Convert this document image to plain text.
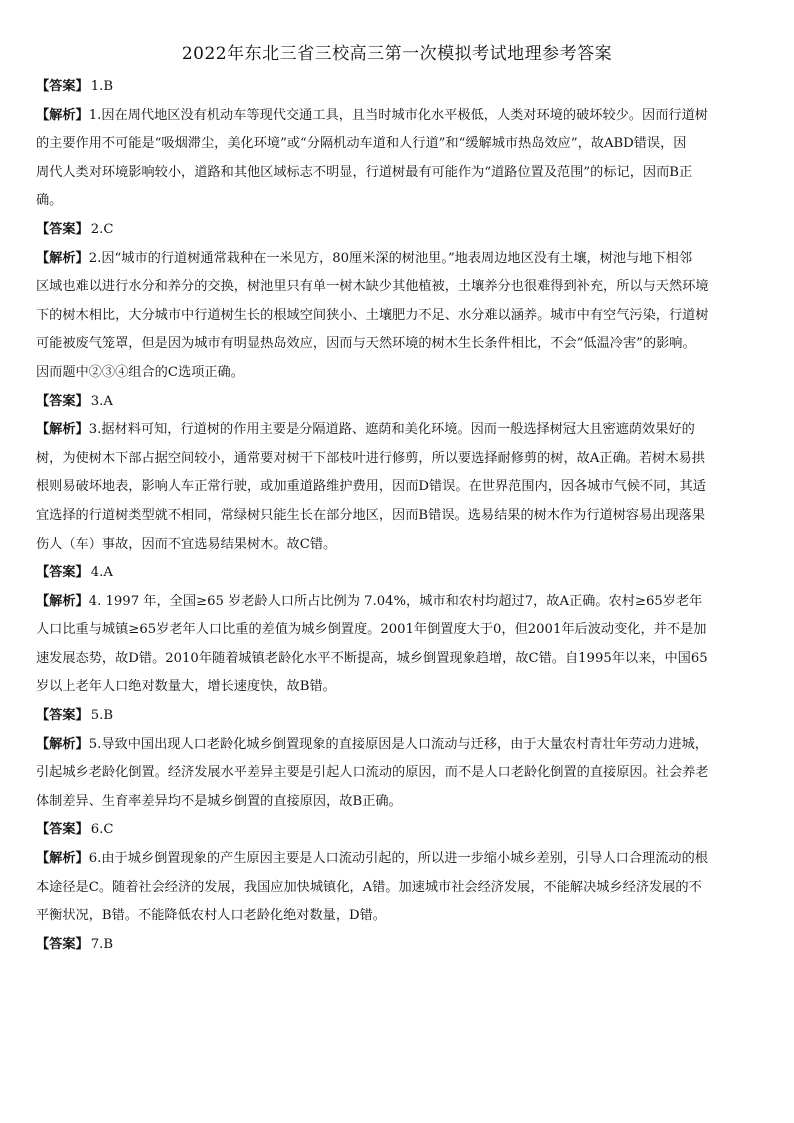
2022年东北三省三校高三第一次模拟考试地理参考答案
【答案】 1.B
【解析】1.因在周代地区没有机动车等现代交通工具，且当时城市化水平极低，人类对环境的破坏较少。因而行道树
的主要作用不可能是“吸烟滞尘，美化环境”或“分隔机动车道和人行道”和“缓解城市热岛效应”，故ABD错误，因
周代人类对环境影响较小，道路和其他区域标志不明显，行道树最有可能作为“道路位置及范围”的标记，因而B正
确。
【答案】 2.C
【解析】2.因“城市的行道树通常栽种在一米见方，80厘米深的树池里。”地表周边地区没有土壤，树池与地下相邻
区域也难以进行水分和养分的交换，树池里只有单一树木缺少其他植被，土壤养分也很难得到补充，所以与天然环境
下的树木相比，大分城市中行道树生长的根域空间狭小、土壤肥力不足、水分难以涵养。城市中有空气污染，行道树
可能被废气笼罩，但是因为城市有明显热岛效应，因而与天然环境的树木生长条件相比，不会“低温冷害”的影响。
因而题中②③④组合的C选项正确。
【答案】 3.A
【解析】3.据材料可知，行道树的作用主要是分隔道路、遮荫和美化环境。因而一般选择树冠大且密遮荫效果好的
树，为使树木下部占据空间较小，通常要对树干下部枝叶进行修剪，所以要选择耐修剪的树，故A正确。若树木易拱
根则易破坏地表，影响人车正常行驶，或加重道路维护费用，因而D错误。在世界范围内，因各城市气候不同，其适
宜选择的行道树类型就不相同，常绿树只能生长在部分地区，因而B错误。选易结果的树木作为行道树容易出现落果
伤人（车）事故，因而不宜选易结果树木。故C错。
【答案】 4.A
【解析】4. 1997 年，全国≥65 岁老龄人口所占比例为 7.04%，城市和农村均超过7，故A正确。农村≥65岁老年
人口比重与城镇≥65岁老年人口比重的差值为城乡倒置度。2001年倒置度大于0，但2001年后波动变化，并不是加
速发展态势，故D错。2010年随着城镇老龄化水平不断提高，城乡倒置现象趋增，故C错。自1995年以来，中国65
岁以上老年人口绝对数量大，增长速度快，故B错。
【答案】 5.B
【解析】5.导致中国出现人口老龄化城乡倒置现象的直接原因是人口流动与迁移，由于大量农村青壮年劳动力进城，
引起城乡老龄化倒置。经济发展水平差异主要是引起人口流动的原因，而不是人口老龄化倒置的直接原因。社会养老
体制差异、生育率差异均不是城乡倒置的直接原因，故B正确。
【答案】 6.C
【解析】6.由于城乡倒置现象的产生原因主要是人口流动引起的，所以进一步缩小城乡差别，引导人口合理流动的根
本途径是C。随着社会经济的发展，我国应加快城镇化，A错。加速城市社会经济发展，不能解决城乡经济发展的不
平衡状况，B错。不能降低农村人口老龄化绝对数量，D错。
【答案】 7.B
